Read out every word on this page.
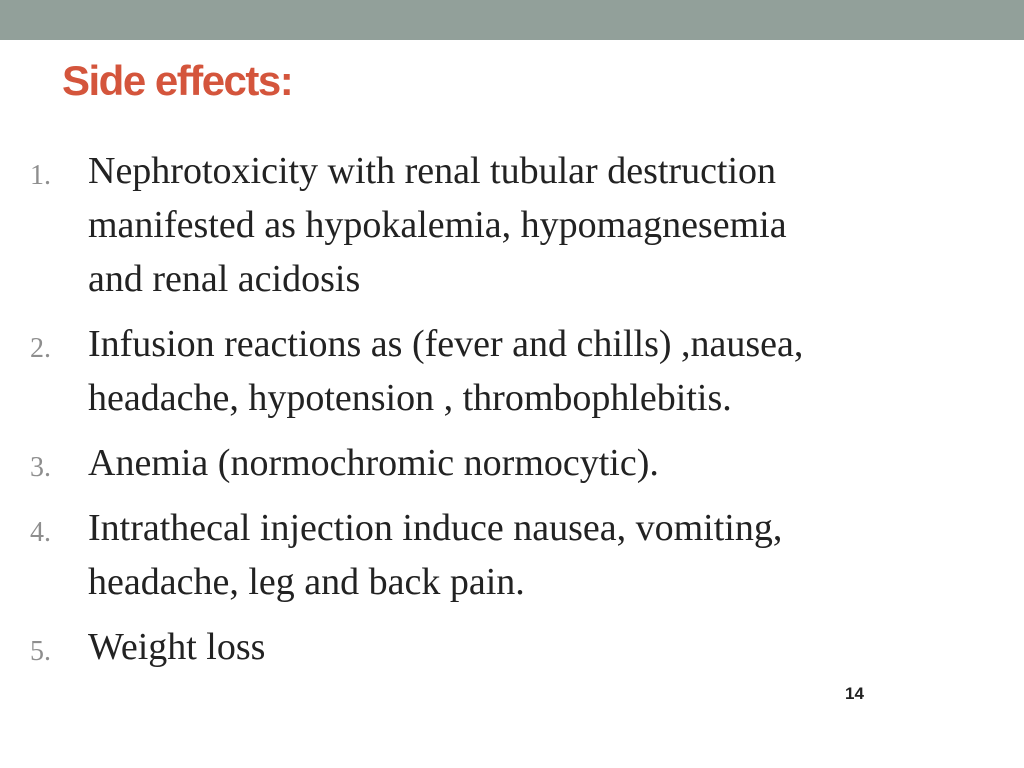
Side effects:
1. Nephrotoxicity with renal tubular destruction
manifested as hypokalemia, hypomagnesemia
and renal acidosis
2. Infusion reactions as (fever and chills) ,nausea,
headache, hypotension , thrombophlebitis.
3. Anemia (normochromic normocytic).
4. Intrathecal injection induce nausea, vomiting,
headache, leg and back pain.
5. Weight loss
14
